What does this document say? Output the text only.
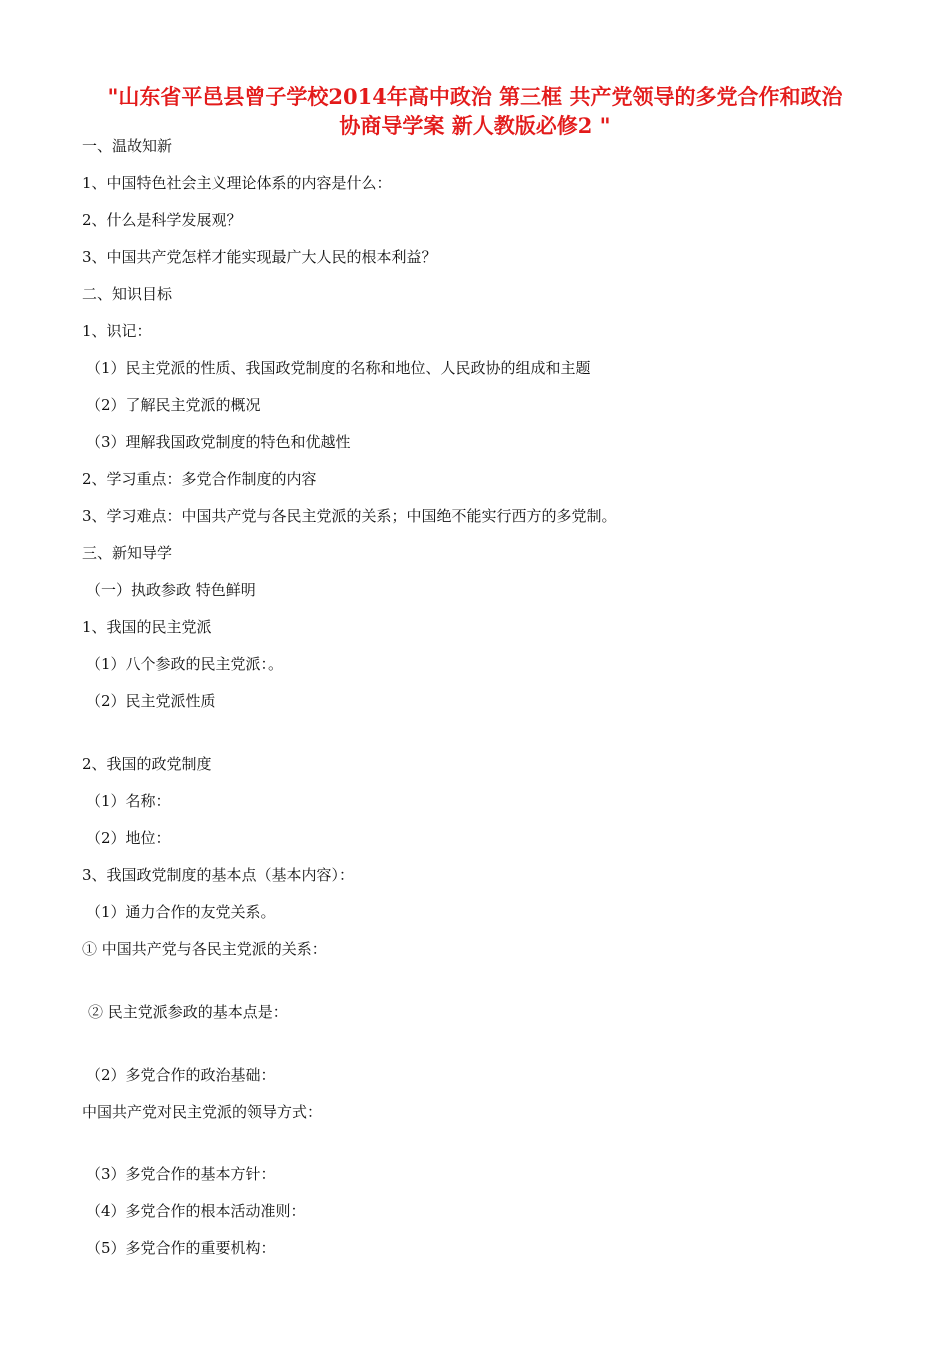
"山东省平邑县曾子学校2014年高中政治 第三框 共产党领导的多党合作和政治
协商导学案 新人教版必修2 "
一、温故知新
1、中国特色社会主义理论体系的内容是什么：
2、什么是科学发展观？
3、中国共产党怎样才能实现最广大人民的根本利益？
二、知识目标
1、识记：
（1）民主党派的性质、我国政党制度的名称和地位、人民政协的组成和主题
（2）了解民主党派的概况
（3）理解我国政党制度的特色和优越性
2、学习重点：多党合作制度的内容
3、学习难点：中国共产党与各民主党派的关系；中国绝不能实行西方的多党制。
三、新知导学
（一）执政参政 特色鲜明
1、我国的民主党派
（1）八个参政的民主党派：。
（2）民主党派性质
2、我国的政党制度
（1）名称：
（2）地位：
3、我国政党制度的基本点（基本内容）：
（1）通力合作的友党关系。
① 中国共产党与各民主党派的关系：
② 民主党派参政的基本点是：
（2）多党合作的政治基础：
中国共产党对民主党派的领导方式：
（3）多党合作的基本方针：
（4）多党合作的根本活动准则：
（5）多党合作的重要机构：
